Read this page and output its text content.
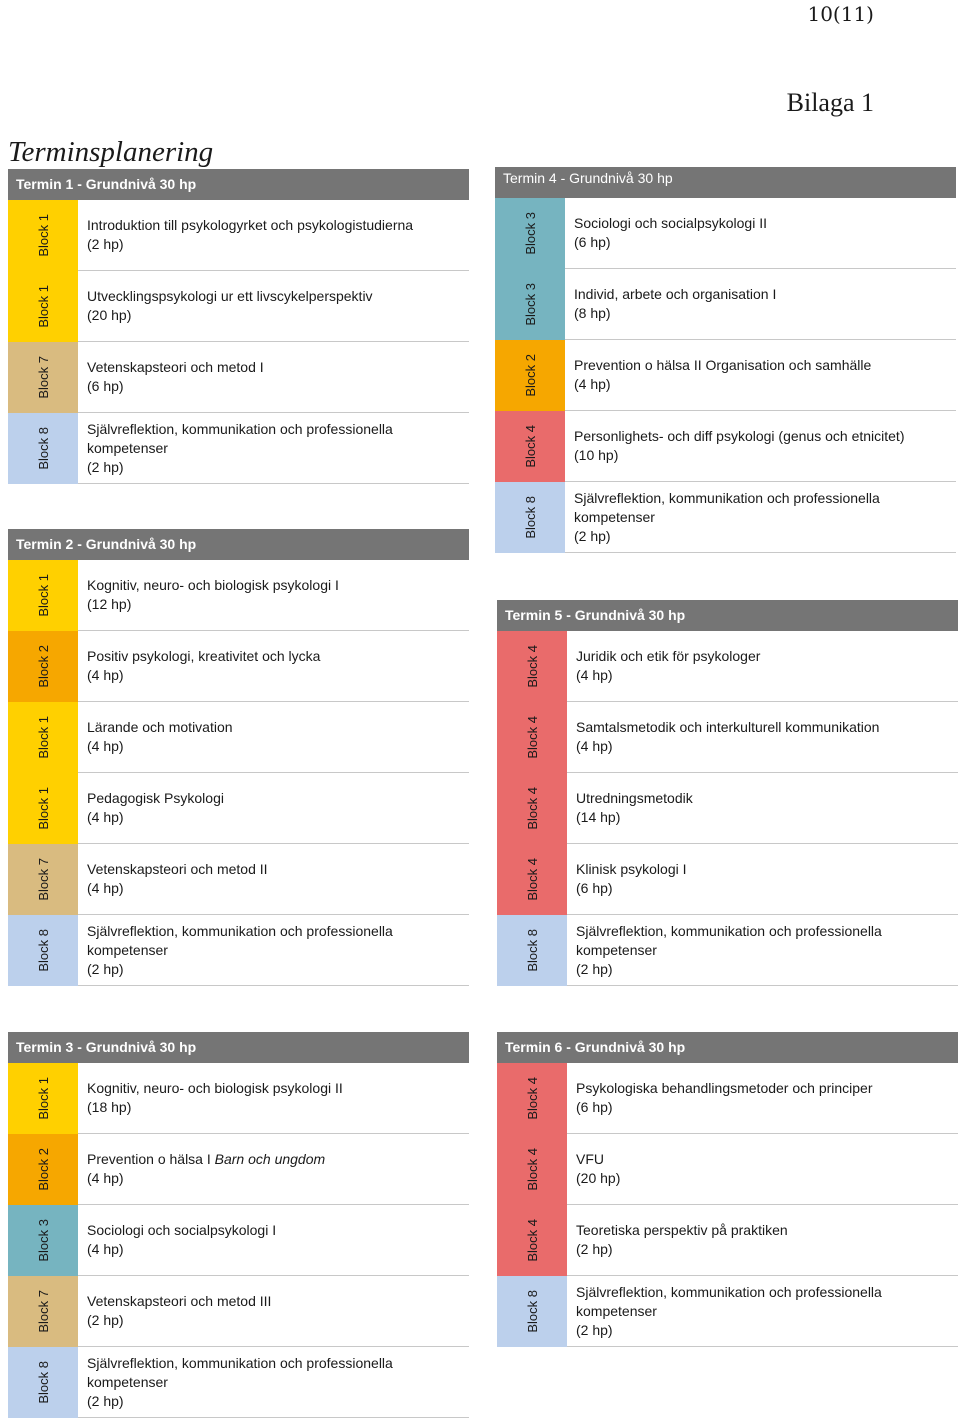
10(11)
Bilaga 1
Terminsplanering
Termin 1 - Grundnivå 30 hp
Block 1	Introduktion till psykologyrket och psykologistudierna
(2 hp)
Block 1	Utvecklingspsykologi ur ett livscykelperspektiv
(20 hp)
Block 7	Vetenskapsteori och metod I
(6 hp)
Block 8	Självreflektion, kommunikation och professionella kompetenser
(2 hp)
Termin 2 - Grundnivå 30 hp
Block 1	Kognitiv, neuro- och biologisk psykologi I
(12 hp)
Block 2	Positiv psykologi, kreativitet och lycka
(4 hp)
Block 1	Lärande och motivation
(4 hp)
Block 1	Pedagogisk Psykologi
(4 hp)
Block 7	Vetenskapsteori och metod II
(4 hp)
Block 8	Självreflektion, kommunikation och professionella kompetenser
(2 hp)
Termin 3 - Grundnivå 30 hp
Block 1	Kognitiv, neuro- och biologisk psykologi II
(18 hp)
Block 2	Prevention o hälsa I Barn och ungdom
(4 hp)
Block 3	Sociologi och socialpsykologi I
(4 hp)
Block 7	Vetenskapsteori och metod III
(2 hp)
Block 8	Självreflektion, kommunikation och professionella kompetenser
(2 hp)
Termin 4 - Grundnivå 30 hp
Block 3	Sociologi och socialpsykologi II
(6 hp)
Block 3	Individ, arbete och organisation I
(8 hp)
Block 2	Prevention o hälsa II Organisation och samhälle
(4 hp)
Block 4	Personlighets- och diff psykologi (genus och etnicitet)
(10 hp)
Block 8	Självreflektion, kommunikation och professionella kompetenser
(2 hp)
Termin 5 - Grundnivå 30 hp
Block 4	Juridik och etik för psykologer
(4 hp)
Block 4	Samtalsmetodik och interkulturell kommunikation
(4 hp)
Block 4	Utredningsmetodik
(14 hp)
Block 4	Klinisk psykologi I
(6 hp)
Block 8	Självreflektion, kommunikation och professionella kompetenser
(2 hp)
Termin 6 - Grundnivå 30 hp
Block 4	Psykologiska behandlingsmetoder och principer
(6 hp)
Block 4	VFU
(20 hp)
Block 4	Teoretiska perspektiv på praktiken
(2 hp)
Block 8	Självreflektion, kommunikation och professionella kompetenser
(2 hp)
